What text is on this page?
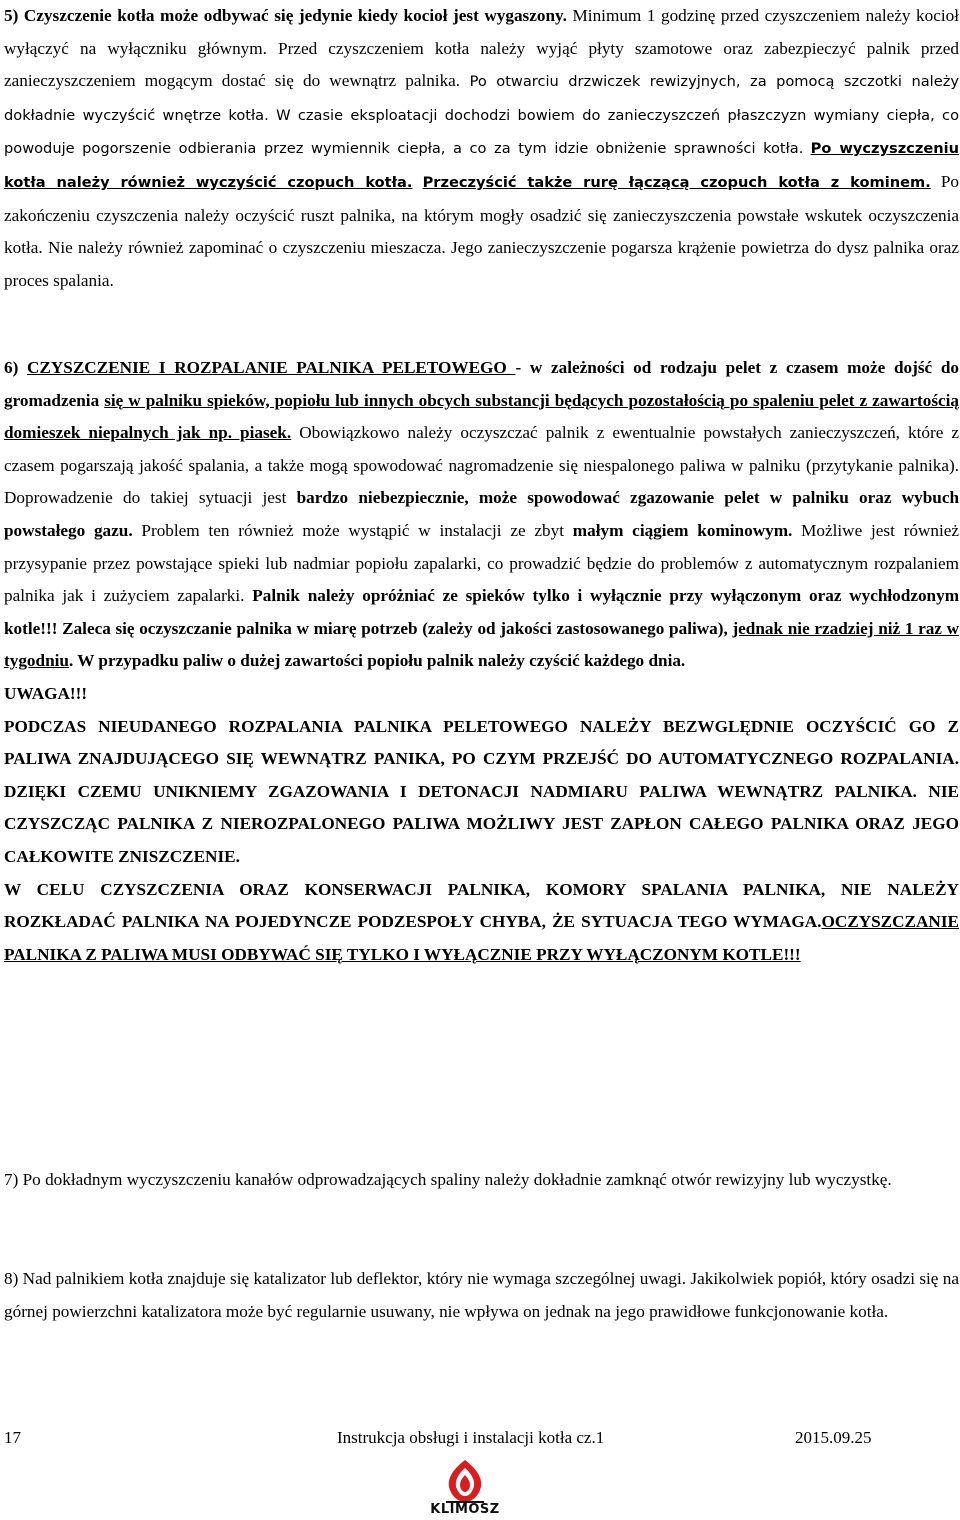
5) Czyszczenie kotła może odbywać się jedynie kiedy kocioł jest wygaszony. Minimum 1 godzinę przed czyszczeniem należy kocioł wyłączyć na wyłączniku głównym. Przed czyszczeniem kotła należy wyjąć płyty szamotowe oraz zabezpieczyć palnik przed zanieczyszczeniem mogącym dostać się do wewnątrz palnika. Po otwarciu drzwiczek rewizyjnych, za pomocą szczotki należy dokładnie wyczyścić wnętrze kotła. W czasie eksploatacji dochodzi bowiem do zanieczyszczeń płaszczyzn wymiany ciepła, co powoduje pogorszenie odbierania przez wymiennik ciepła, a co za tym idzie obniżenie sprawności kotła. Po wyczyszczeniu kotła należy również wyczyścić czopuch kotła. Przeczyścić także rurę łączącą czopuch kotła z kominem. Po zakończeniu czyszczenia należy oczyścić ruszt palnika, na którym mogły osadzić się zanieczyszczenia powstałe wskutek oczyszczenia kotła. Nie należy również zapominać o czyszczeniu mieszacza. Jego zanieczyszczenie pogarsza krążenie powietrza do dysz palnika oraz proces spalania.

6) CZYSZCZENIE I ROZPALANIE PALNIKA PELETOWEGO - w zależności od rodzaju pelet z czasem może dojść do gromadzenia się w palniku spieków, popiołu lub innych obcych substancji będących pozostałością po spaleniu pelet z zawartością domieszek niepalnych jak np. piasek. Obowiązkowo należy oczyszczać palnik z ewentualnie powstałych zanieczyszczeń, które z czasem pogarszają jakość spalania, a także mogą spowodować nagromadzenie się niespalonego paliwa w palniku (przytykanie palnika). Doprowadzenie do takiej sytuacji jest bardzo niebezpiecznie, może spowodować zgazowanie pelet w palniku oraz wybuch powstałego gazu. Problem ten również może wystąpić w instalacji ze zbyt małym ciągiem kominowym. Możliwe jest również przysypanie przez powstające spieki lub nadmiar popiołu zapalarki, co prowadzić będzie do problemów z automatycznym rozpalaniem palnika jak i zużyciem zapalarki. Palnik należy opróżniać ze spieków tylko i wyłącznie przy wyłączonym oraz wychłodzonym kotle!!! Zaleca się oczyszczanie palnika w miarę potrzeb (zależy od jakości zastosowanego paliwa), jednak nie rzadziej niż 1 raz w tygodniu. W przypadku paliw o dużej zawartości popiołu palnik należy czyścić każdego dnia.
UWAGA!!!
PODCZAS NIEUDANEGO ROZPALANIA PALNIKA PELETOWEGO NALEŻY BEZWGLĘDNIE OCZYŚCIĆ GO Z PALIWA ZNAJDUJĄCEGO SIĘ WEWNĄTRZ PANIKA, PO CZYM PRZEJŚĆ DO AUTOMATYCZNEGO ROZPALANIA. DZIĘKI CZEMU UNIKNIEMY ZGAZOWANIA I DETONACJI NADMIARU PALIWA WEWNĄTRZ PALNIKA. NIE CZYSZCZĄC PALNIKA Z NIEROZPALONEGO PALIWA MOŻLIWY JEST ZAPŁON CAŁEGO PALNIKA ORAZ JEGO CAŁKOWITE ZNISZCZENIE.
W CELU CZYSZCZENIA ORAZ KONSERWACJI PALNIKA, KOMORY SPALANIA PALNIKA, NIE NALEŻY ROZKŁADAĆ PALNIKA NA POJEDYNCZE PODZESPOŁY CHYBA, ŻE SYTUACJA TEGO WYMAGA.OCZYSZCZANIE PALNIKA Z PALIWA MUSI ODBYWAĆ SIĘ TYLKO I WYŁĄCZNIE PRZY WYŁĄCZONYM KOTLE!!!

7) Po dokładnym wyczyszczeniu kanałów odprowadzających spaliny należy dokładnie zamknąć otwór rewizyjny lub wyczystkę.

8) Nad palnikiem kotła znajduje się katalizator lub deflektor, który nie wymaga szczególnej uwagi. Jakikolwiek popiół, który osadzi się na górnej powierzchni katalizatora może być regularnie usuwany, nie wpływa on jednak na jego prawidłowe funkcjonowanie kotła.

17	Instrukcja obsługi i instalacji kotła cz.1	2015.09.25
KLIMOSZ
